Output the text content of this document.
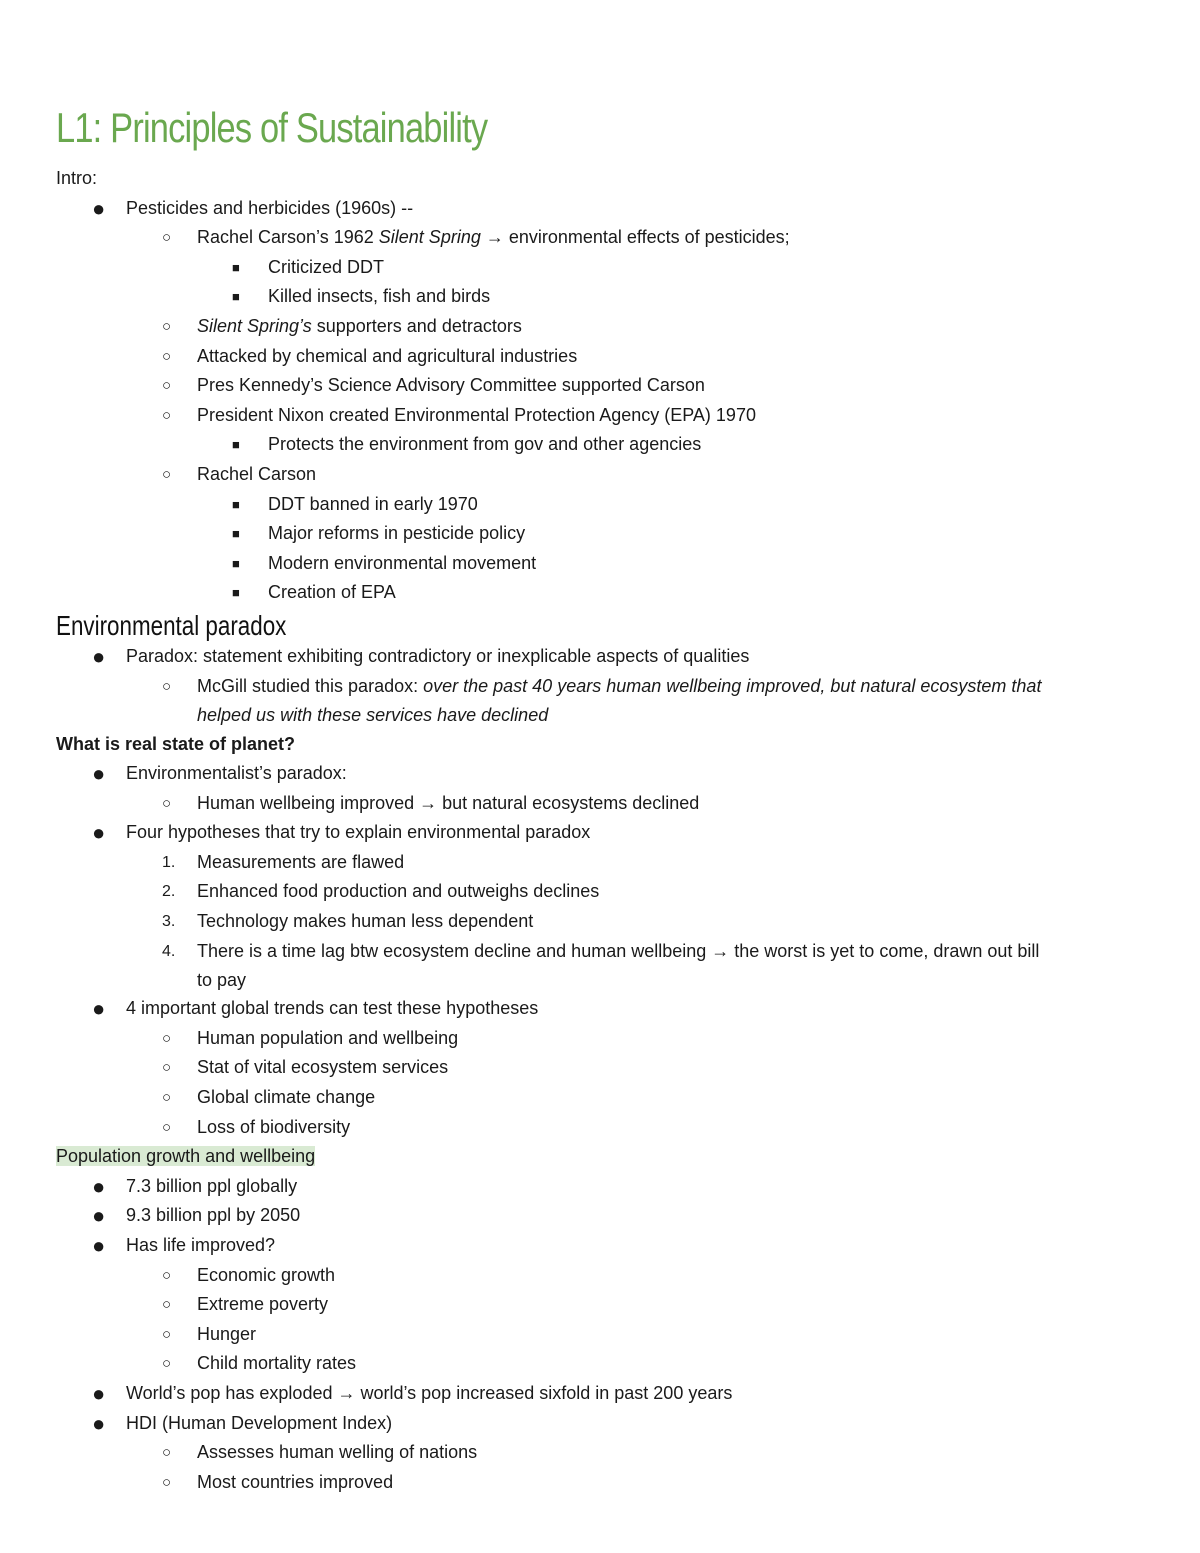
L1: Principles of Sustainability
Intro:
● Pesticides and herbicides (1960s) --
○ Rachel Carson’s 1962 Silent Spring → environmental effects of pesticides;
■ Criticized DDT
■ Killed insects, fish and birds
○ Silent Spring’s supporters and detractors
○ Attacked by chemical and agricultural industries
○ Pres Kennedy’s Science Advisory Committee supported Carson
○ President Nixon created Environmental Protection Agency (EPA) 1970
■ Protects the environment from gov and other agencies
○ Rachel Carson
■ DDT banned in early 1970
■ Major reforms in pesticide policy
■ Modern environmental movement
■ Creation of EPA
Environmental paradox
● Paradox: statement exhibiting contradictory or inexplicable aspects of qualities
○ McGill studied this paradox: over the past 40 years human wellbeing improved, but natural ecosystem that
helped us with these services have declined
What is real state of planet?
● Environmentalist’s paradox:
○ Human wellbeing improved → but natural ecosystems declined
● Four hypotheses that try to explain environmental paradox
1. Measurements are flawed
2. Enhanced food production and outweighs declines
3. Technology makes human less dependent
4. There is a time lag btw ecosystem decline and human wellbeing → the worst is yet to come, drawn out bill
to pay
● 4 important global trends can test these hypotheses
○ Human population and wellbeing
○ Stat of vital ecosystem services
○ Global climate change
○ Loss of biodiversity
Population growth and wellbeing
● 7.3 billion ppl globally
● 9.3 billion ppl by 2050
● Has life improved?
○ Economic growth
○ Extreme poverty
○ Hunger
○ Child mortality rates
● World’s pop has exploded → world’s pop increased sixfold in past 200 years
● HDI (Human Development Index)
○ Assesses human welling of nations
○ Most countries improved
